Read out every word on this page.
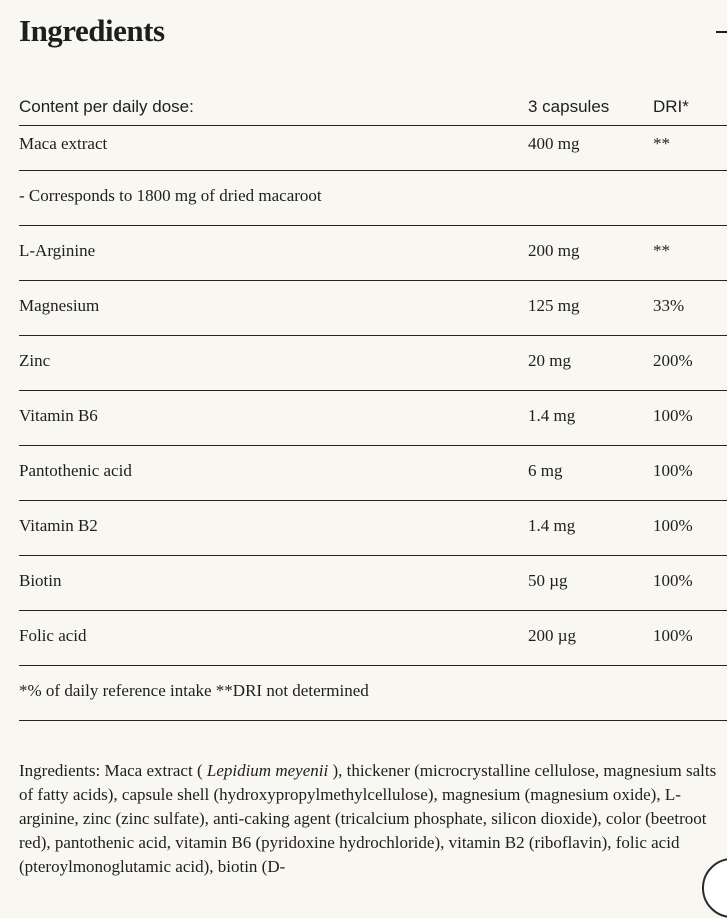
Ingredients
Content per daily dose:	3 capsules	DRI*
Maca extract	400 mg	**
- Corresponds to 1800 mg of dried macaroot
L-Arginine	200 mg	**
Magnesium	125 mg	33%
Zinc	20 mg	200%
Vitamin B6	1.4 mg	100%
Pantothenic acid	6 mg	100%
Vitamin B2	1.4 mg	100%
Biotin	50 µg	100%
Folic acid	200 µg	100%
*% of daily reference intake **DRI not determined

Ingredients: Maca extract ( Lepidium meyenii ), thickener (microcrystalline cellulose, magnesium salts of fatty acids), capsule shell (hydroxypropylmethylcellulose), magnesium (magnesium oxide), L-arginine, zinc (zinc sulfate), anti-caking agent (tricalcium phosphate, silicon dioxide), color (beetroot red), pantothenic acid, vitamin B6 (pyridoxine hydrochloride), vitamin B2 (riboflavin), folic acid (pteroylmonoglutamic acid), biotin (D-
